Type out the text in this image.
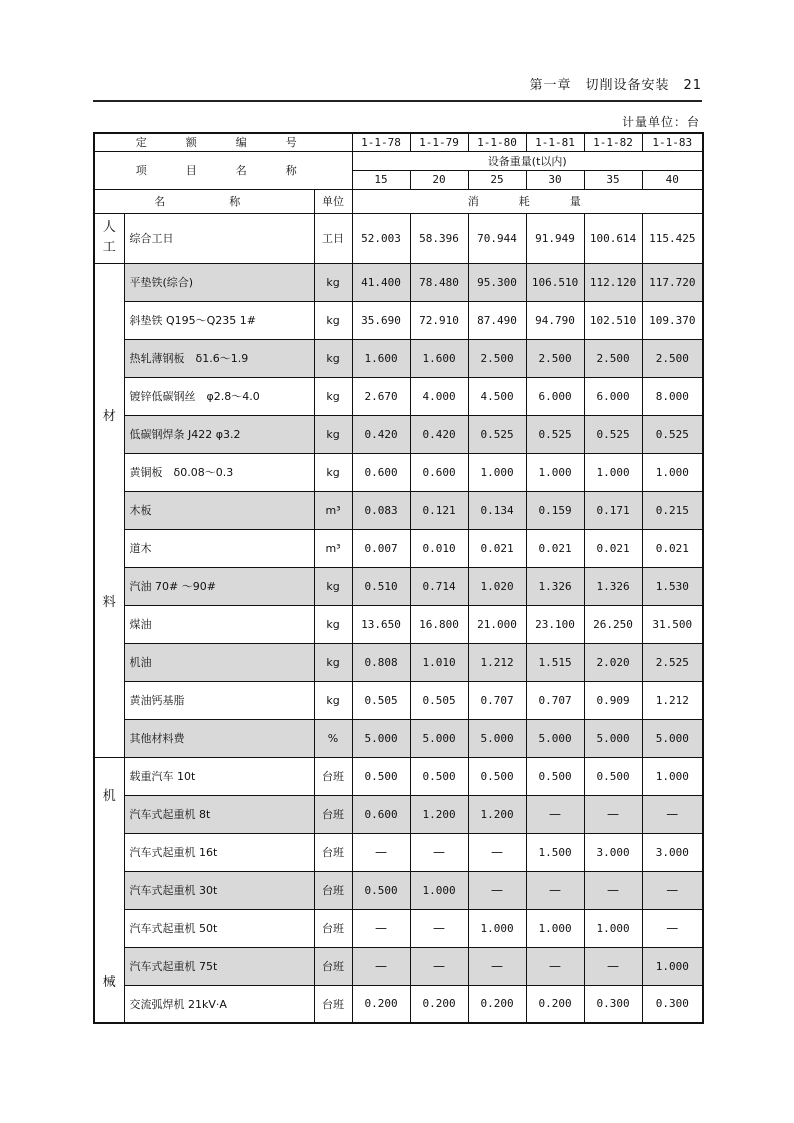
第一章　切削设备安装　21
计量单位：台
定　额　编　号			1-1-78	1-1-79	1-1-80	1-1-81	1-1-82	1-1-83
项　目　名　称			设备重量(t以内)					
			15	20	25	30	35	40
名　　称		单位	消　　耗　　量					

人
工	综合工日	工日	52.003	58.396	70.944	91.949	100.614	115.425

材
料	平垫铁(综合)	kg	41.400	78.480	95.300	106.510	112.120	117.720
	斜垫铁 Q195～Q235 1#	kg	35.690	72.910	87.490	94.790	102.510	109.370
	热轧薄钢板　δ1.6～1.9	kg	1.600	1.600	2.500	2.500	2.500	2.500
	镀锌低碳钢丝　φ2.8～4.0	kg	2.670	4.000	4.500	6.000	6.000	8.000
	低碳钢焊条 J422 φ3.2	kg	0.420	0.420	0.525	0.525	0.525	0.525
	黄铜板　δ0.08～0.3	kg	0.600	0.600	1.000	1.000	1.000	1.000
	木板	m³	0.083	0.121	0.134	0.159	0.171	0.215
	道木	m³	0.007	0.010	0.021	0.021	0.021	0.021
	汽油 70# ～90#	kg	0.510	0.714	1.020	1.326	1.326	1.530
	煤油	kg	13.650	16.800	21.000	23.100	26.250	31.500
	机油	kg	0.808	1.010	1.212	1.515	2.020	2.525
	黄油钙基脂	kg	0.505	0.505	0.707	0.707	0.909	1.212
	其他材料费	%	5.000	5.000	5.000	5.000	5.000	5.000

机
械	载重汽车 10t	台班	0.500	0.500	0.500	0.500	0.500	1.000
	汽车式起重机 8t	台班	0.600	1.200	1.200	—	—	—
	汽车式起重机 16t	台班	—	—	—	1.500	3.000	3.000
	汽车式起重机 30t	台班	0.500	1.000	—	—	—	—
	汽车式起重机 50t	台班	—	—	1.000	1.000	1.000	—
	汽车式起重机 75t	台班	—	—	—	—	—	1.000
	交流弧焊机 21kV·A	台班	0.200	0.200	0.200	0.200	0.300	0.300
